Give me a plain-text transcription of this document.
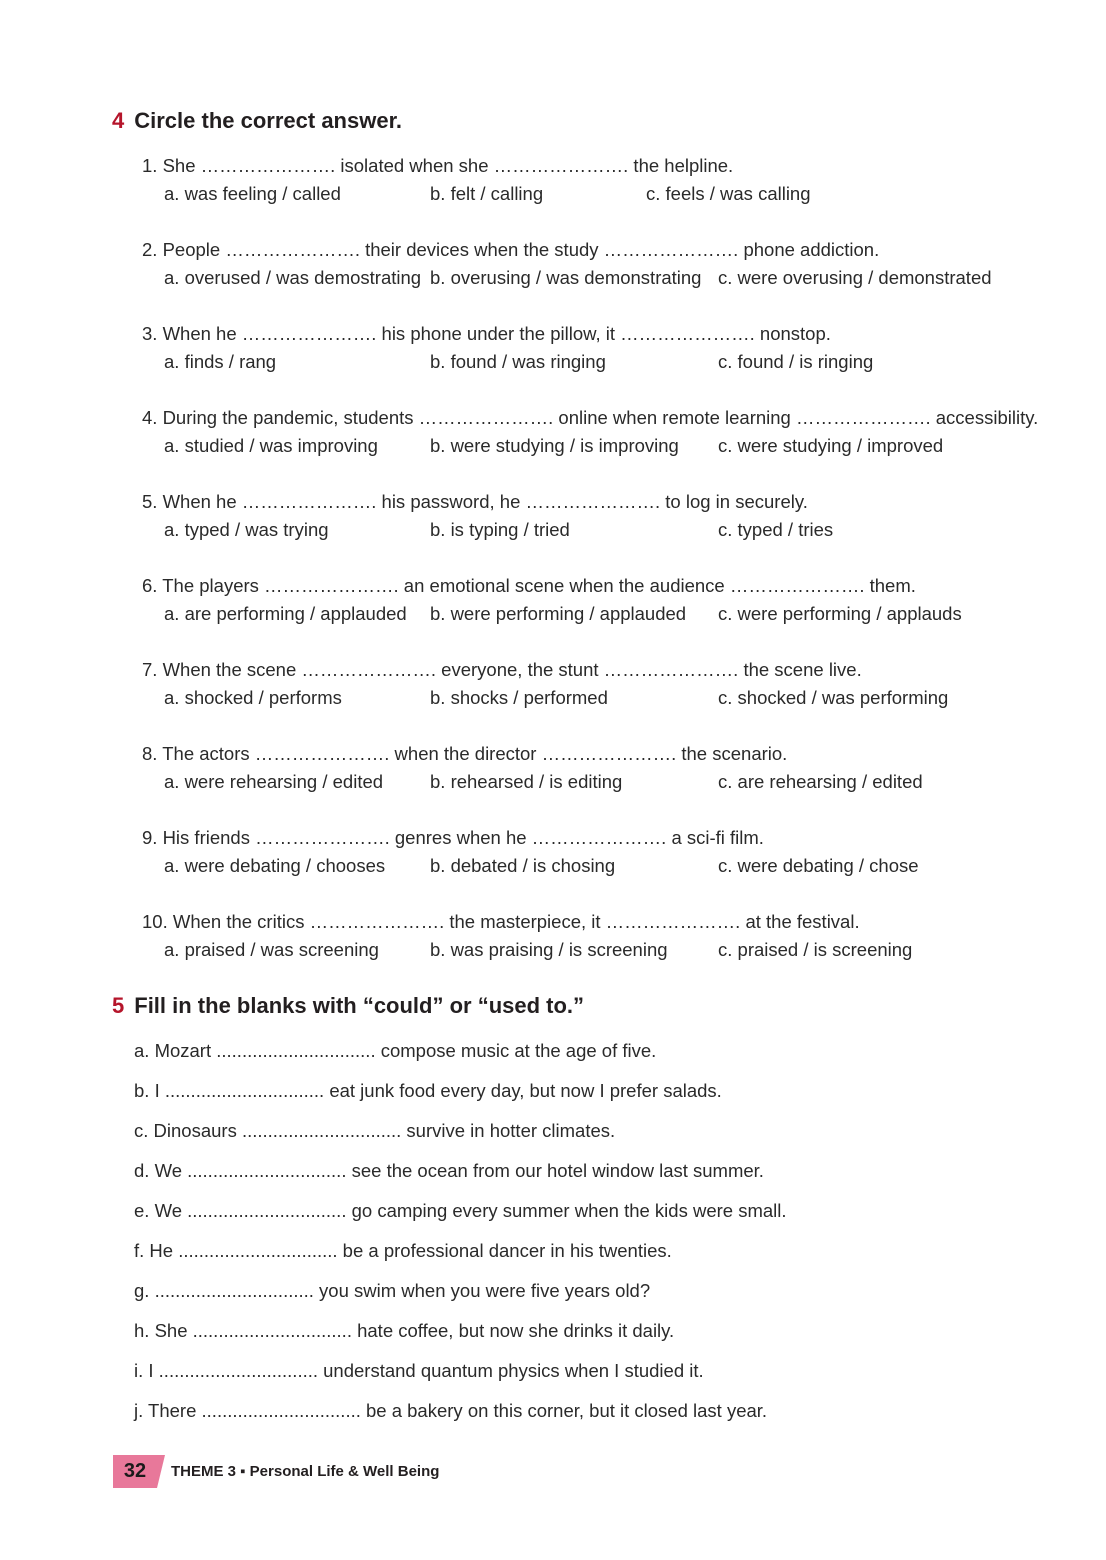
4 Circle the correct answer.
1. She …………………. isolated when she …………………. the helpline.
a. was feeling / called	b. felt / calling	c. feels / was calling
2. People …………………. their devices when the study …………………. phone addiction.
a. overused / was demostrating b. overusing / was demonstrating c. were overusing / demonstrated
3. When he …………………. his phone under the pillow, it …………………. nonstop.
a. finds / rang	b. found / was ringing	c. found / is ringing
4. During the pandemic, students …………………. online when remote learning …………………. accessibility.
a. studied / was improving	b. were studying / is improving c. were studying / improved
5. When he …………………. his password, he …………………. to log in securely.
a. typed / was trying	b. is typing / tried	c. typed / tries
6. The players …………………. an emotional scene when the audience …………………. them.
a. are performing / applauded b. were performing / applauded c. were performing / applauds
7. When the scene …………………. everyone, the stunt …………………. the scene live.
a. shocked / performs	b. shocks / performed	c. shocked / was performing
8. The actors …………………. when the director …………………. the scenario.
a. were rehearsing / edited	b. rehearsed / is editing	c. are rehearsing / edited
9. His friends …………………. genres when he …………………. a sci-fi film.
a. were debating / chooses b. debated / is chosing	c. were debating / chose
10. When the critics …………………. the masterpiece, it …………………. at the festival.
a. praised / was screening	b. was praising / is screening	c. praised / is screening
5 Fill in the blanks with “could” or “used to.”
a. Mozart ............................... compose music at the age of five.
b. I ............................... eat junk food every day, but now I prefer salads.
c. Dinosaurs ............................... survive in hotter climates.
d. We ............................... see the ocean from our hotel window last summer.
e. We ............................... go camping every summer when the kids were small.
f. He ............................... be a professional dancer in his twenties.
g. ............................... you swim when you were five years old?
h. She ............................... hate coffee, but now she drinks it daily.
i. I ............................... understand quantum physics when I studied it.
j. There ............................... be a bakery on this corner, but it closed last year.
32	THEME 3 ▪ Personal Life & Well Being
